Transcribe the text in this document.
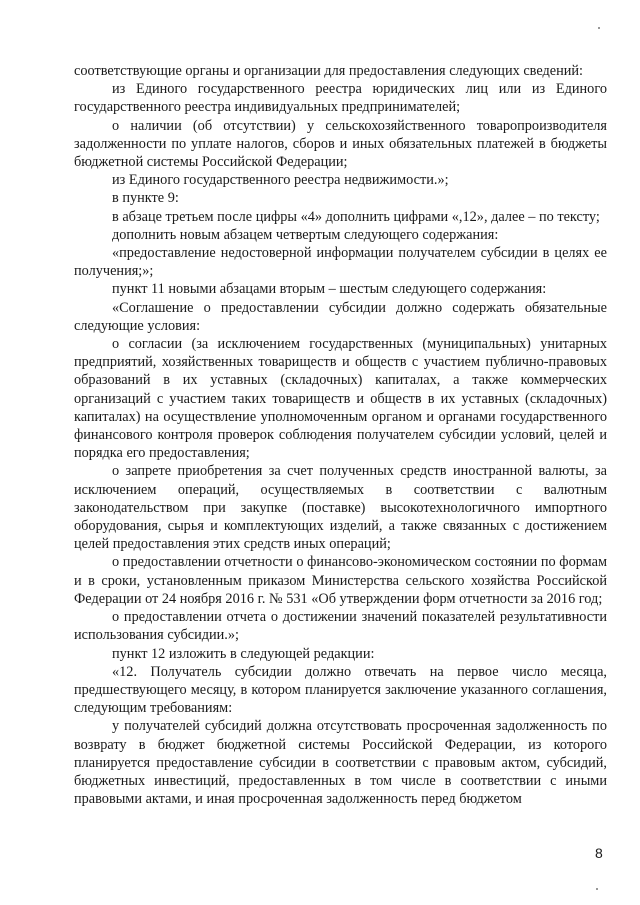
соответствующие органы и организации для предоставления следующих сведений:

из Единого государственного реестра юридических лиц или из Единого государственного реестра индивидуальных предпринимателей;

о наличии (об отсутствии) у сельскохозяйственного товаропроизводителя задолженности по уплате налогов, сборов и иных обязательных платежей в бюджеты бюджетной системы Российской Федерации;

из Единого государственного реестра недвижимости.»;

в пункте 9:

в абзаце третьем после цифры «4» дополнить цифрами «,12», далее – по тексту;

дополнить новым абзацем четвертым следующего содержания:

«предоставление недостоверной информации получателем субсидии в целях ее получения;»;

пункт 11 новыми абзацами вторым – шестым следующего содержания:

«Соглашение о предоставлении субсидии должно содержать обязательные следующие условия:

о согласии (за исключением государственных (муниципальных) унитарных предприятий, хозяйственных товариществ и обществ с участием публично-правовых образований в их уставных (складочных) капиталах, а также коммерческих организаций с участием таких товариществ и обществ в их уставных (складочных) капиталах) на осуществление уполномоченным органом и органами государственного финансового контроля проверок соблюдения получателем субсидии условий, целей и порядка его предоставления;

о запрете приобретения за счет полученных средств иностранной валюты, за исключением операций, осуществляемых в соответствии с валютным законодательством при закупке (поставке) высокотехнологичного импортного оборудования, сырья и комплектующих изделий, а также связанных с достижением целей предоставления этих средств иных операций;

о предоставлении отчетности о финансово-экономическом состоянии по формам и в сроки, установленным приказом Министерства сельского хозяйства Российской Федерации от 24 ноября 2016 г. № 531 «Об утверждении форм отчетности за 2016 год;

о предоставлении отчета о достижении значений показателей результативности использования субсидии.»;

пункт 12 изложить в следующей редакции:

«12. Получатель субсидии должно отвечать на первое число месяца, предшествующего месяцу, в котором планируется заключение указанного соглашения, следующим требованиям:

у получателей субсидий должна отсутствовать просроченная задолженность по возврату в бюджет бюджетной системы Российской Федерации, из которого планируется предоставление субсидии в соответствии с правовым актом, субсидий, бюджетных инвестиций, предоставленных в том числе в соответствии с иными правовыми актами, и иная просроченная задолженность перед бюджетом

8
